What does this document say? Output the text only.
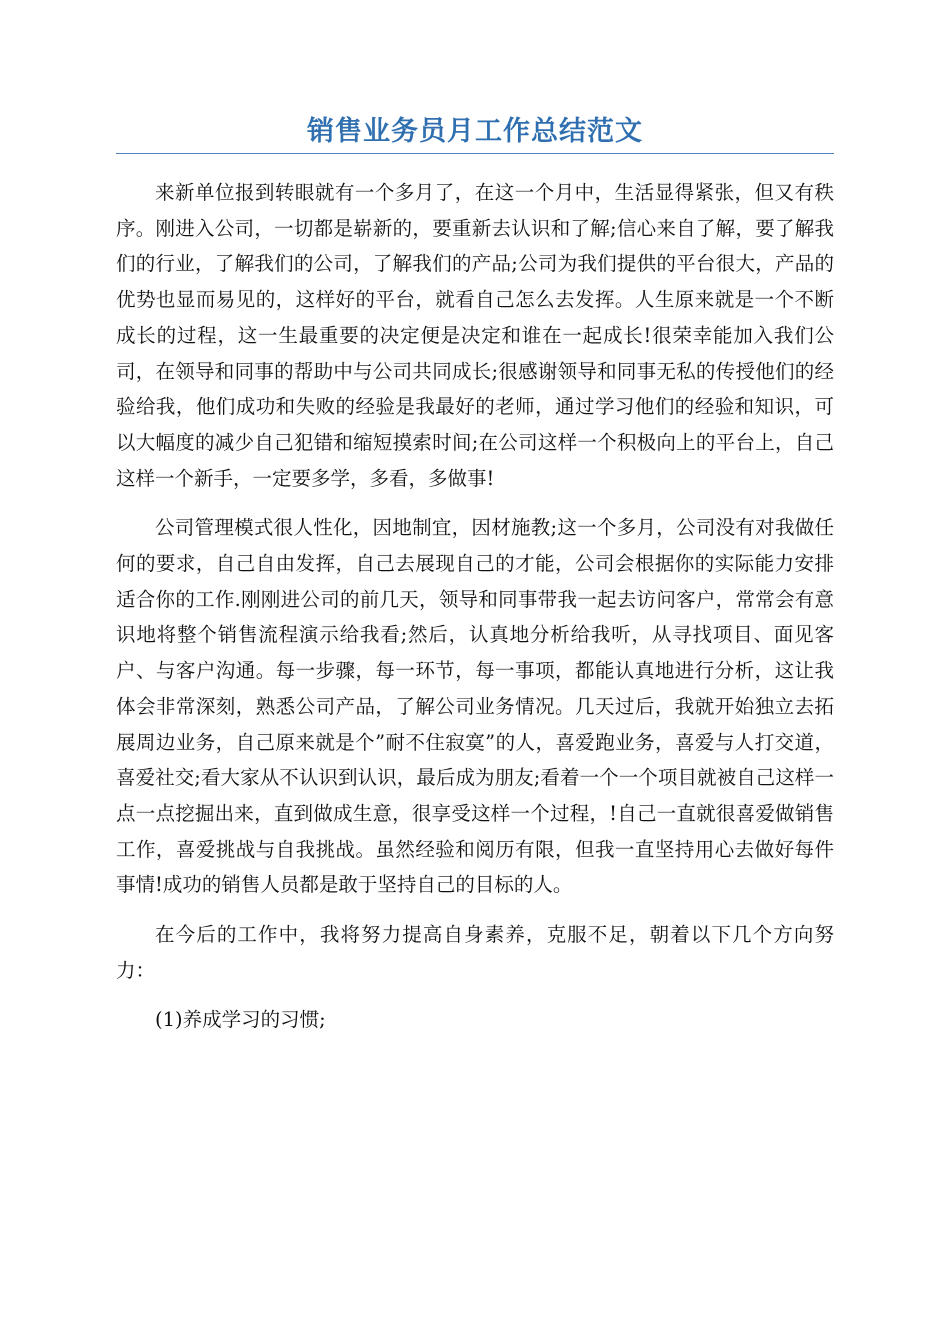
销售业务员月工作总结范文

来新单位报到转眼就有一个多月了，在这一个月中，生活显得紧张，但又有秩序。刚进入公司，一切都是崭新的，要重新去认识和了解;信心来自了解，要了解我们的行业，了解我们的公司，了解我们的产品;公司为我们提供的平台很大，产品的优势也显而易见的，这样好的平台，就看自己怎么去发挥。人生原来就是一个不断成长的过程，这一生最重要的决定便是决定和谁在一起成长!很荣幸能加入我们公司，在领导和同事的帮助中与公司共同成长;很感谢领导和同事无私的传授他们的经验给我，他们成功和失败的经验是我最好的老师，通过学习他们的经验和知识，可以大幅度的减少自己犯错和缩短摸索时间;在公司这样一个积极向上的平台上，自己这样一个新手，一定要多学，多看，多做事!

公司管理模式很人性化，因地制宜，因材施教;这一个多月，公司没有对我做任何的要求，自己自由发挥，自己去展现自己的才能，公司会根据你的实际能力安排适合你的工作.刚刚进公司的前几天，领导和同事带我一起去访问客户，常常会有意识地将整个销售流程演示给我看;然后，认真地分析给我听，从寻找项目、面见客户、与客户沟通。每一步骤，每一环节，每一事项，都能认真地进行分析，这让我体会非常深刻，熟悉公司产品，了解公司业务情况。几天过后，我就开始独立去拓展周边业务，自己原来就是个”耐不住寂寞”的人，喜爱跑业务，喜爱与人打交道，喜爱社交;看大家从不认识到认识，最后成为朋友;看着一个一个项目就被自己这样一点一点挖掘出来，直到做成生意，很享受这样一个过程，!自己一直就很喜爱做销售工作，喜爱挑战与自我挑战。虽然经验和阅历有限，但我一直坚持用心去做好每件事情!成功的销售人员都是敢于坚持自己的目标的人。

在今后的工作中，我将努力提高自身素养，克服不足，朝着以下几个方向努力：

(1)养成学习的习惯;
